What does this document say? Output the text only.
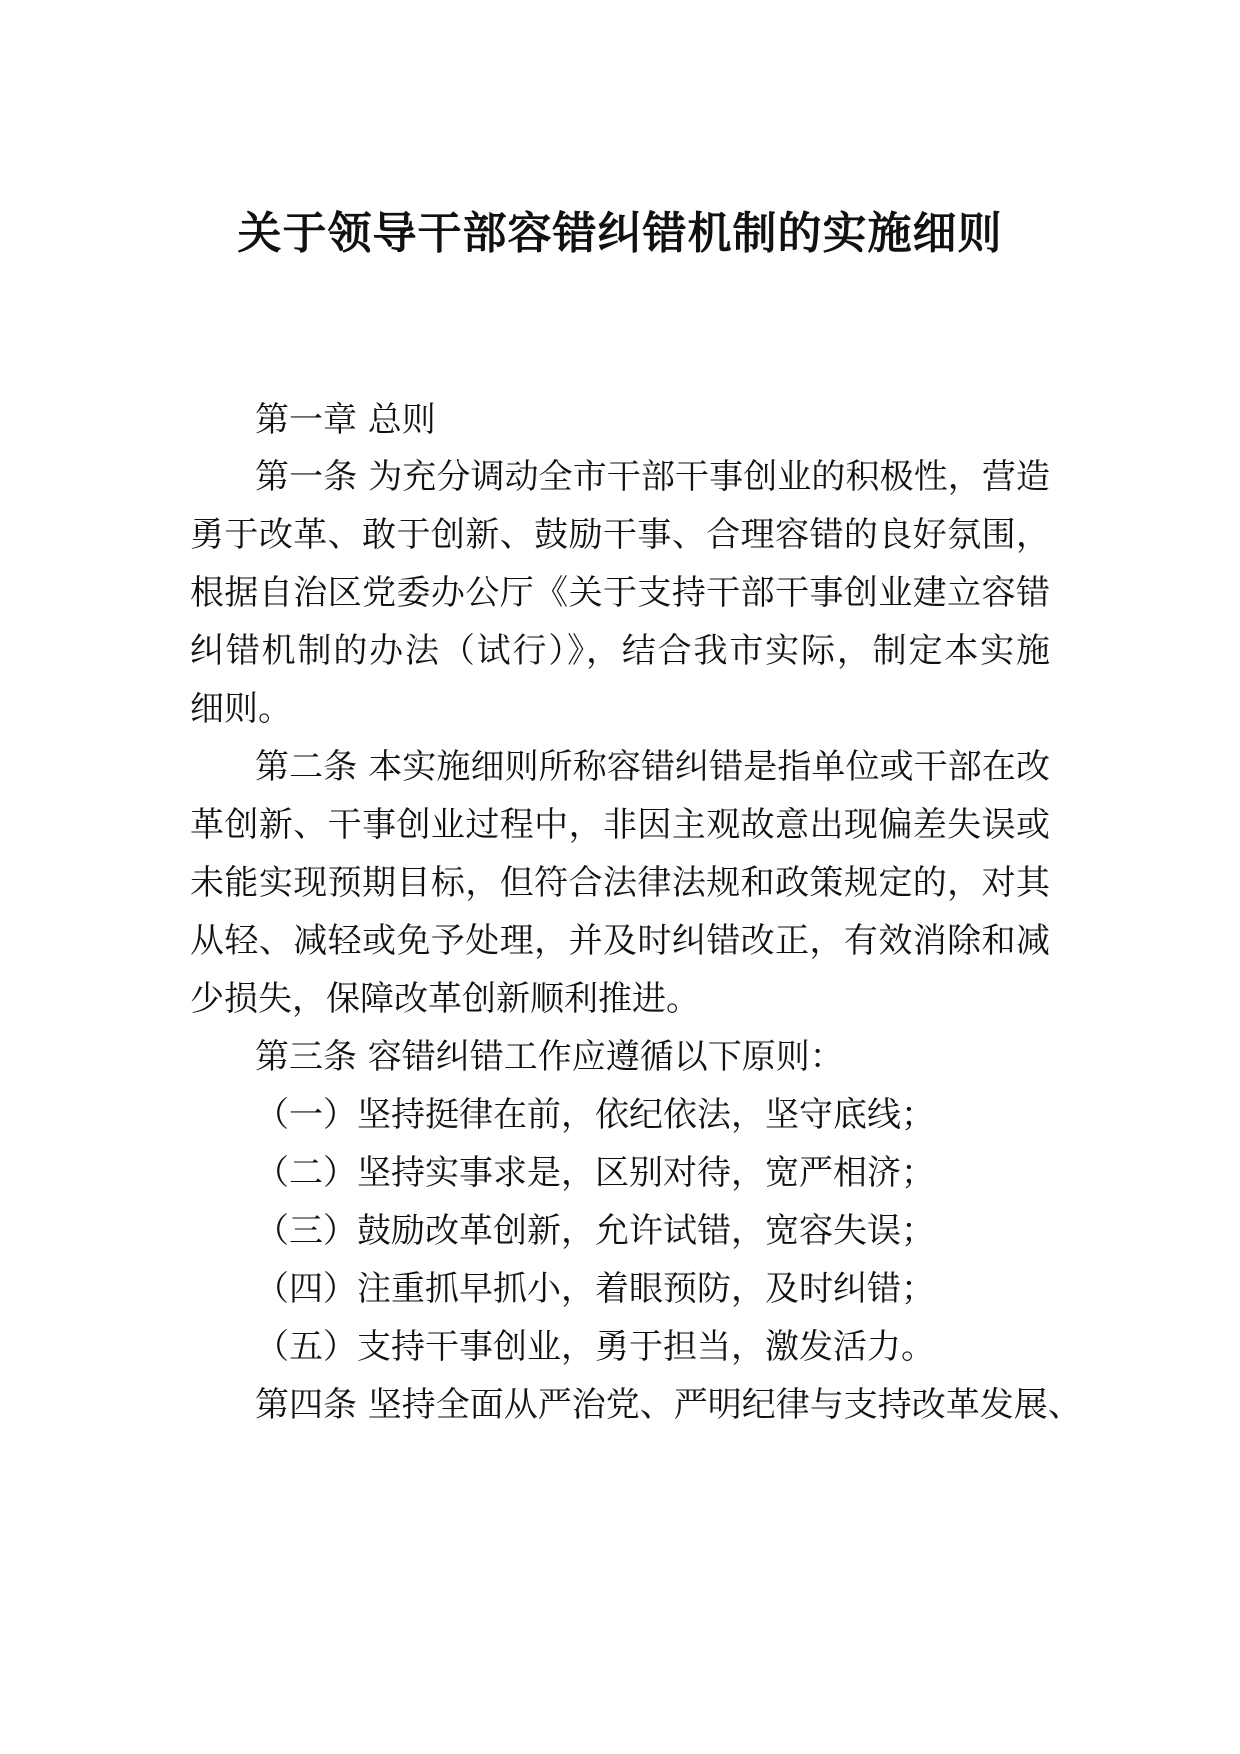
关于领导干部容错纠错机制的实施细则

第一章 总则

第一条 为充分调动全市干部干事创业的积极性，营造

勇于改革、敢于创新、鼓励干事、合理容错的良好氛围，

根据自治区党委办公厅《关于支持干部干事创业建立容错

纠错机制的办法（试行）》，结合我市实际，制定本实施

细则。

第二条 本实施细则所称容错纠错是指单位或干部在改

革创新、干事创业过程中，非因主观故意出现偏差失误或

未能实现预期目标，但符合法律法规和政策规定的，对其

从轻、减轻或免予处理，并及时纠错改正，有效消除和减

少损失，保障改革创新顺利推进。

第三条 容错纠错工作应遵循以下原则：

（一）坚持挺律在前，依纪依法，坚守底线；

（二）坚持实事求是，区别对待，宽严相济；

（三）鼓励改革创新，允许试错，宽容失误；

（四）注重抓早抓小，着眼预防，及时纠错；

（五）支持干事创业，勇于担当，激发活力。

第四条 坚持全面从严治党、严明纪律与支持改革发展、
